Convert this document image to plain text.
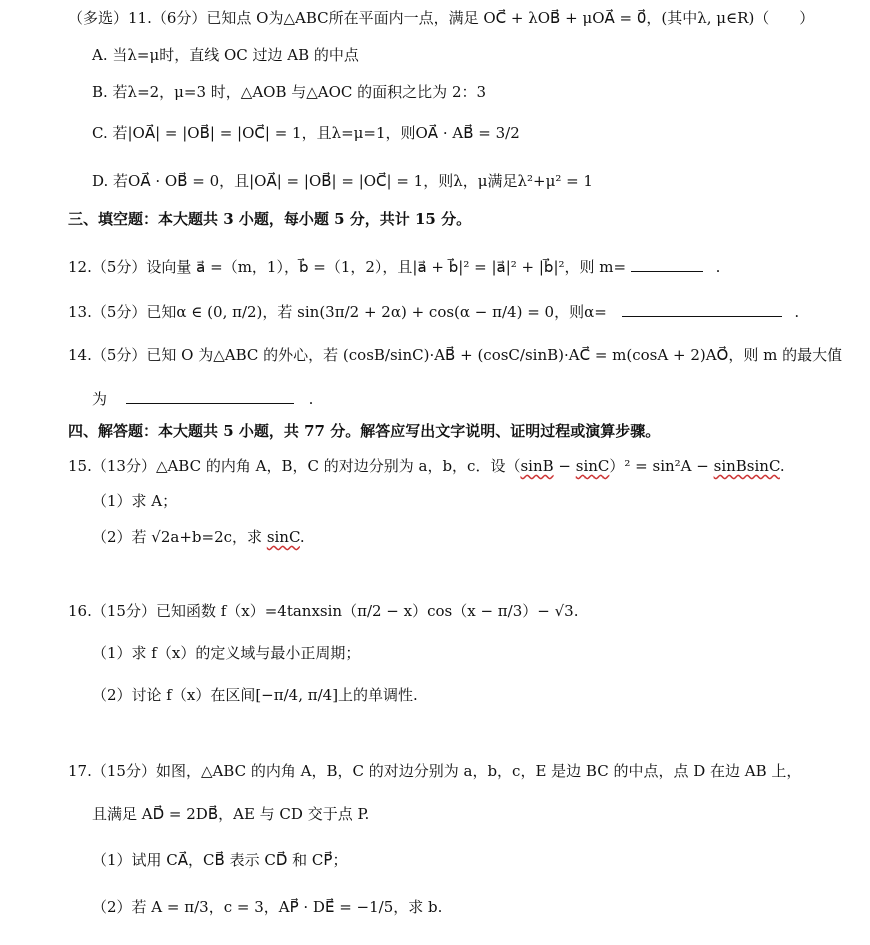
（多选）11.（6分）已知点 O为△ABC所在平面内一点，满足 OC⃗ + λOB⃗ + μOA⃗ = 0⃗，(其中λ, μ∈R)（　　）
A. 当λ=μ时，直线 OC 过边 AB 的中点
B. 若λ=2，μ=3 时，△AOB 与△AOC 的面积之比为 2：3
C. 若|OA⃗| = |OB⃗| = |OC⃗| = 1，且λ=μ=1，则OA⃗ · AB⃗ = 3/2
D. 若OA⃗ · OB⃗ = 0，且|OA⃗| = |OB⃗| = |OC⃗| = 1，则λ，μ满足λ²+μ² = 1
三、填空题：本大题共 3 小题，每小题 5 分，共计 15 分。
12.（5分）设向量 a⃗ =（m，1），b⃗ =（1，2），且|a⃗ + b⃗|² = |a⃗|² + |b⃗|²，则 m=	.
13.（5分）已知α ∈ (0, π/2)，若 sin(3π/2 + 2α) + cos(α − π/4) = 0，则α=	.
14.（5分）已知 O 为△ABC 的外心，若 (cosB/sinC)·AB⃗ + (cosC/sinB)·AC⃗ = m(cosA + 2)AO⃗，则 m 的最大值
为	.
四、解答题：本大题共 5 小题，共 77 分。解答应写出文字说明、证明过程或演算步骤。
15.（13分）△ABC 的内角 A，B，C 的对边分别为 a，b，c．设（sinB − sinC）² = sin²A − sinBsinC.
（1）求 A；
（2）若 √2a+b=2c，求 sinC.
16.（15分）已知函数 f（x）=4tanxsin（π/2 − x）cos（x − π/3）− √3.
（1）求 f（x）的定义域与最小正周期；
（2）讨论 f（x）在区间[−π/4, π/4]上的单调性.
17.（15分）如图，△ABC 的内角 A，B，C 的对边分别为 a，b，c，E 是边 BC 的中点，点 D 在边 AB 上，
且满足 AD⃗ = 2DB⃗，AE 与 CD 交于点 P.
（1）试用 CA⃗，CB⃗ 表示 CD⃗ 和 CP⃗；
（2）若 A = π/3，c = 3，AP⃗ · DE⃗ = −1/5，求 b.
